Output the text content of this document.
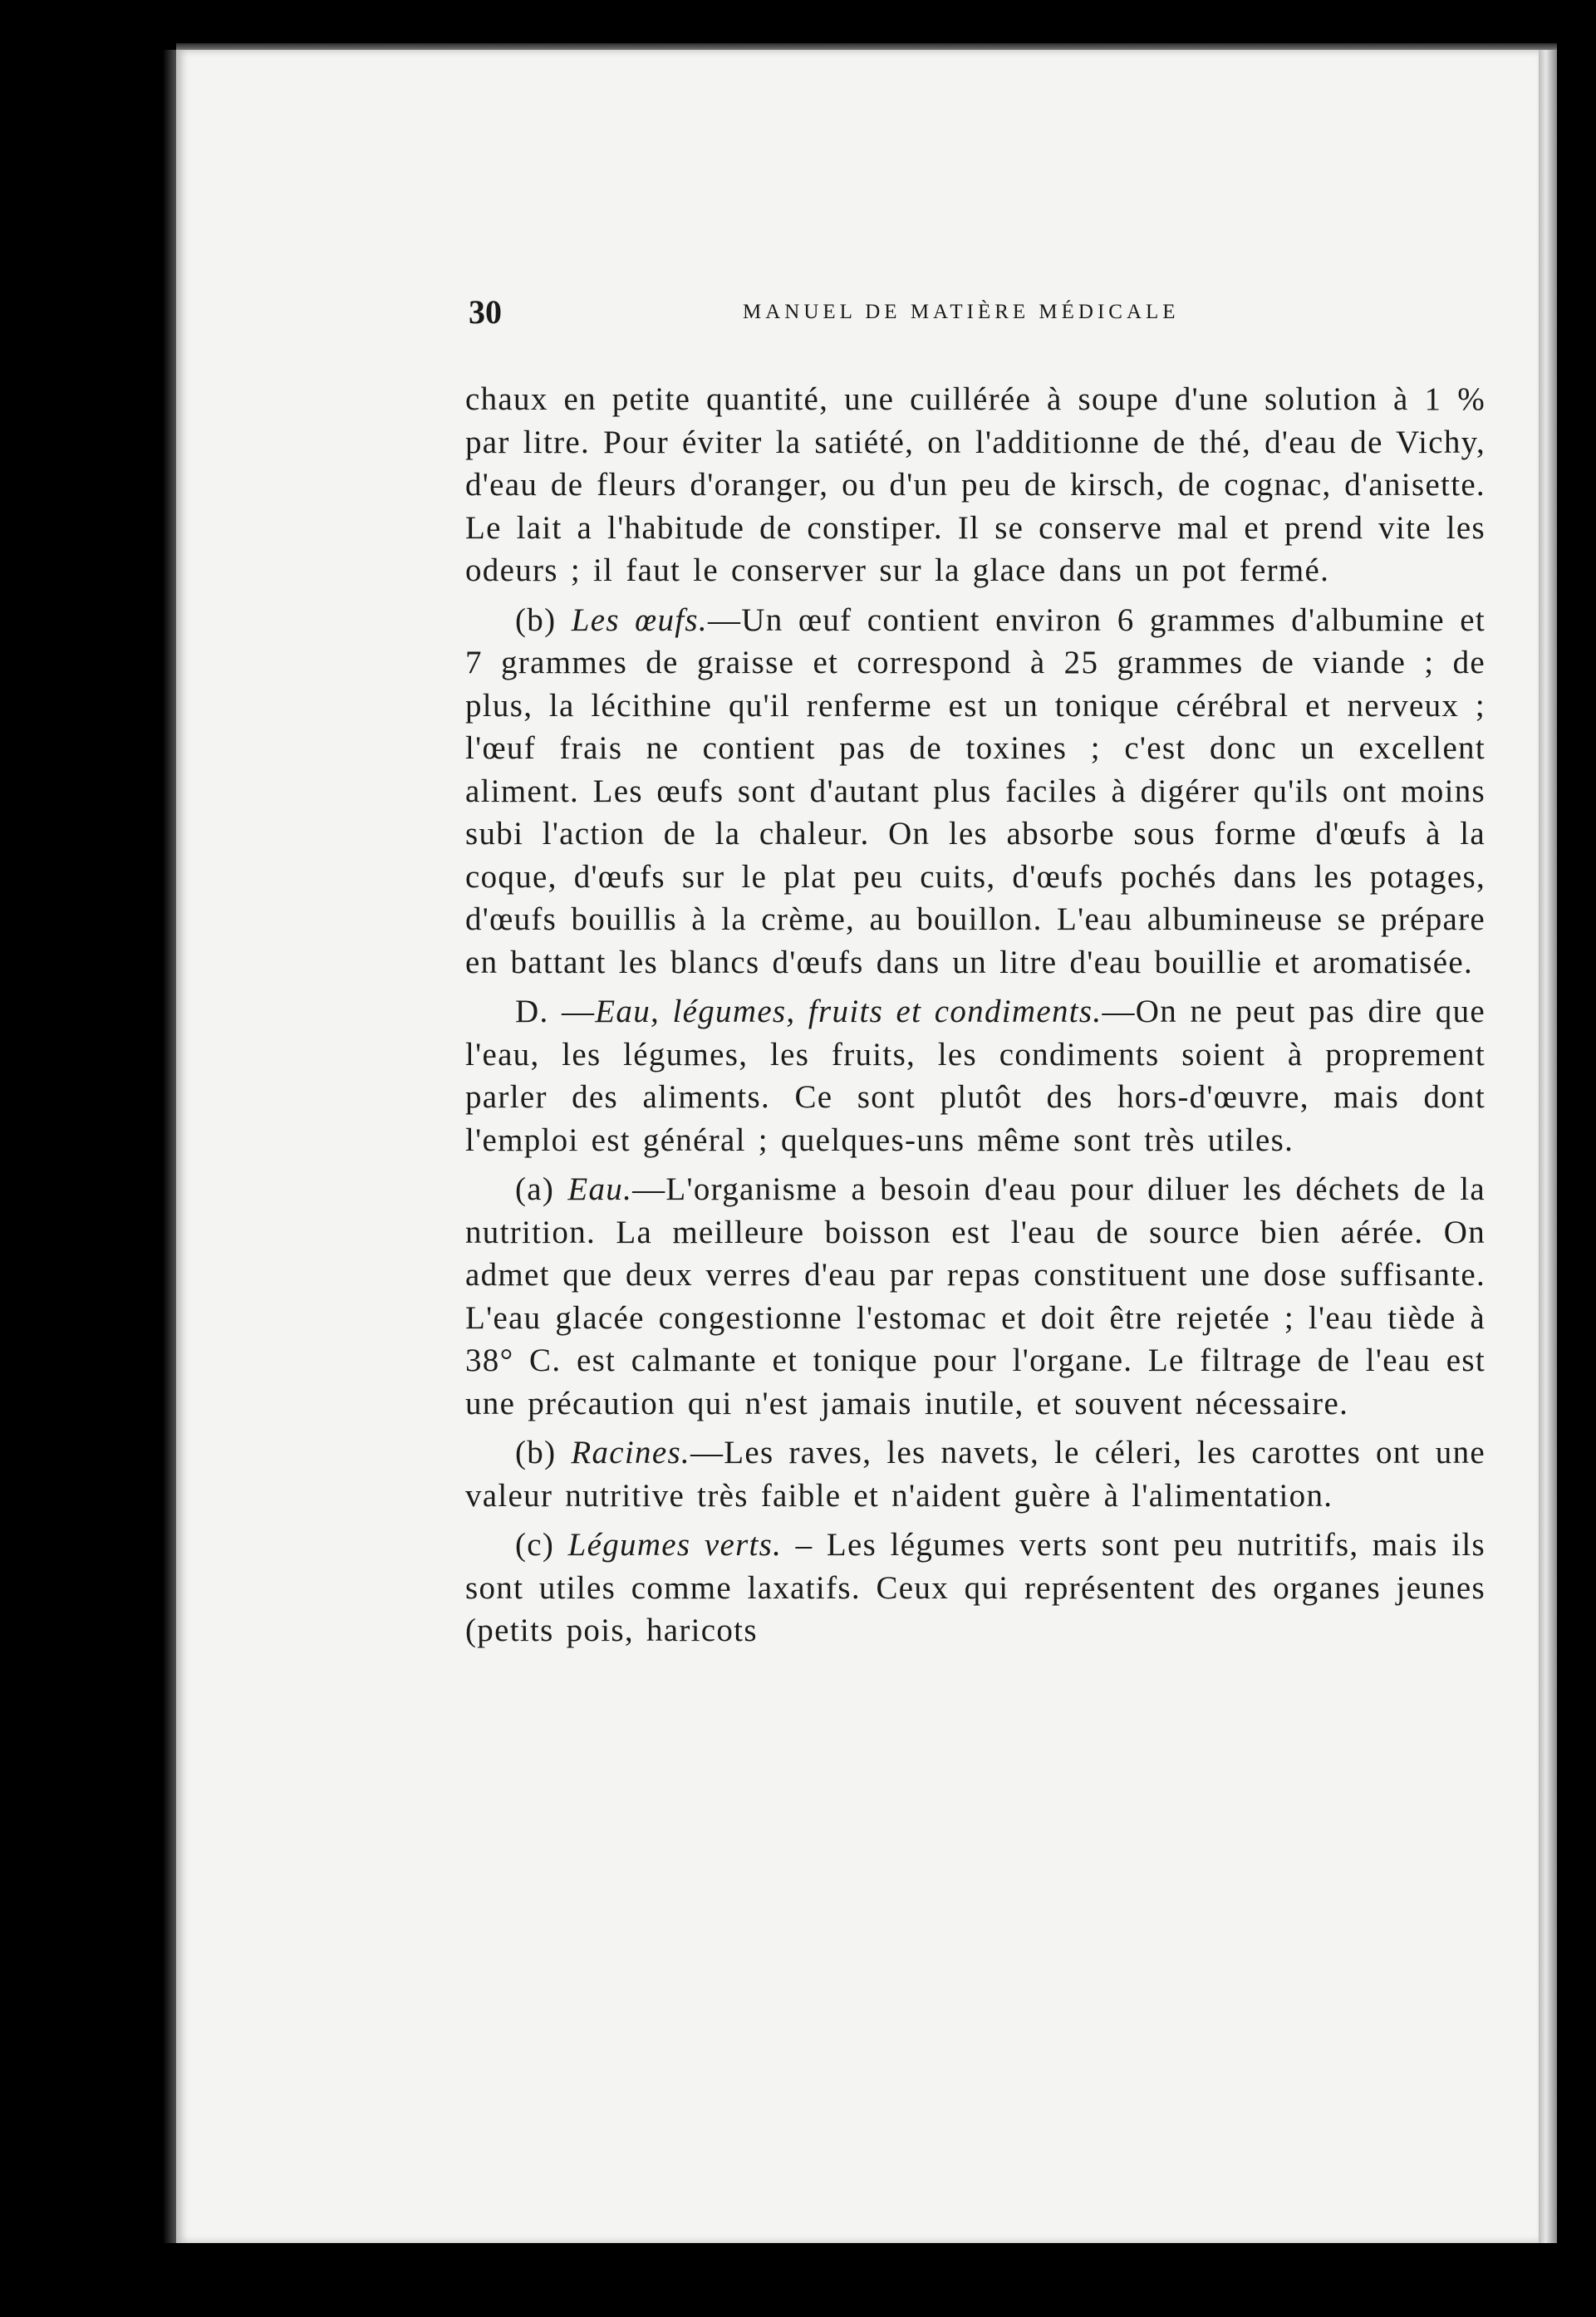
30	MANUEL DE MATIÈRE MÉDICALE

chaux en petite quantité, une cuillérée à soupe d'une solution à 1 % par litre. Pour éviter la satiété, on l'additionne de thé, d'eau de Vichy, d'eau de fleurs d'oranger, ou d'un peu de kirsch, de cognac, d'anisette. Le lait a l'habitude de constiper. Il se conserve mal et prend vite les odeurs ; il faut le conserver sur la glace dans un pot fermé.

(b) Les œufs.—Un œuf contient environ 6 grammes d'albumine et 7 grammes de graisse et correspond à 25 grammes de viande ; de plus, la lécithine qu'il renferme est un tonique cérébral et nerveux ; l'œuf frais ne contient pas de toxines ; c'est donc un excellent aliment. Les œufs sont d'autant plus faciles à digérer qu'ils ont moins subi l'action de la chaleur. On les absorbe sous forme d'œufs à la coque, d'œufs sur le plat peu cuits, d'œufs pochés dans les potages, d'œufs bouillis à la crème, au bouillon. L'eau albumineuse se prépare en battant les blancs d'œufs dans un litre d'eau bouillie et aromatisée.

D. —Eau, légumes, fruits et condiments.—On ne peut pas dire que l'eau, les légumes, les fruits, les condiments soient à proprement parler des aliments. Ce sont plutôt des hors-d'œuvre, mais dont l'emploi est général ; quelques-uns même sont très utiles.

(a) Eau.—L'organisme a besoin d'eau pour diluer les déchets de la nutrition. La meilleure boisson est l'eau de source bien aérée. On admet que deux verres d'eau par repas constituent une dose suffisante. L'eau glacée congestionne l'estomac et doit être rejetée ; l'eau tiède à 38° C. est calmante et tonique pour l'organe. Le filtrage de l'eau est une précaution qui n'est jamais inutile, et souvent nécessaire.

(b) Racines.—Les raves, les navets, le céleri, les carottes ont une valeur nutritive très faible et n'aident guère à l'alimentation.

(c) Légumes verts. – Les légumes verts sont peu nutritifs, mais ils sont utiles comme laxatifs. Ceux qui représentent des organes jeunes (petits pois, haricots
